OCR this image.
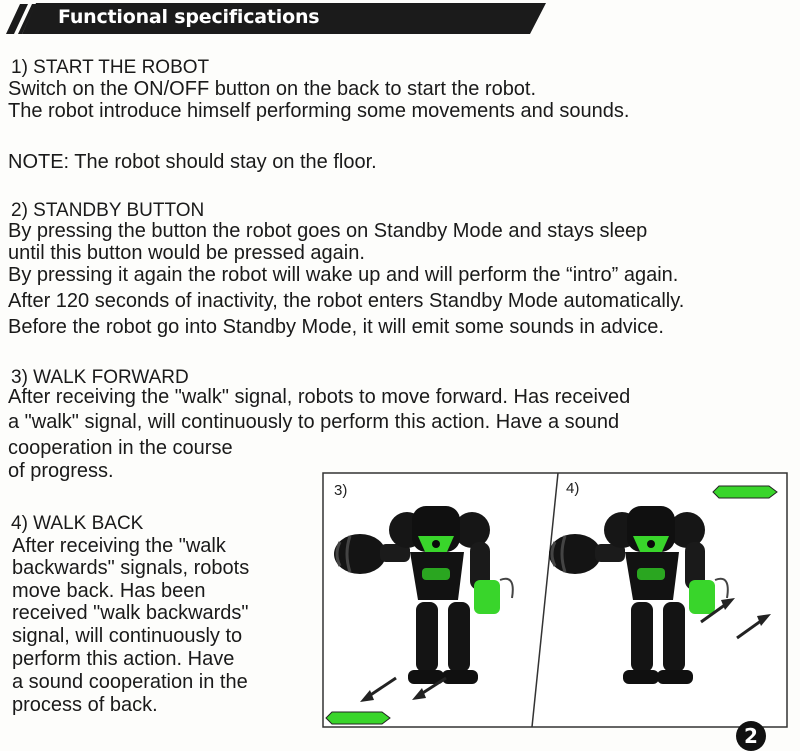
Functional specifications
1) START THE ROBOT
Switch on the ON/OFF button on the back to start the robot.
The robot introduce himself performing some movements and sounds.
NOTE: The robot should stay on the floor.
2) STANDBY BUTTON
By pressing the button the robot goes on Standby Mode and stays sleep
until this button would be pressed again.
By pressing it again the robot will wake up and will perform the “intro” again.
After 120 seconds of inactivity, the robot enters Standby Mode automatically.
Before the robot go into Standby Mode, it will emit some sounds in advice.
3) WALK FORWARD
After receiving the "walk" signal, robots to move forward. Has received
a "walk" signal, will continuously to perform this action. Have a sound
cooperation in the course
of progress.
4) WALK BACK
After receiving the "walk
backwards" signals, robots
move back. Has been
received "walk backwards"
signal, will continuously to
perform this action. Have
a sound cooperation in the
process of back.
3)	4)
2
